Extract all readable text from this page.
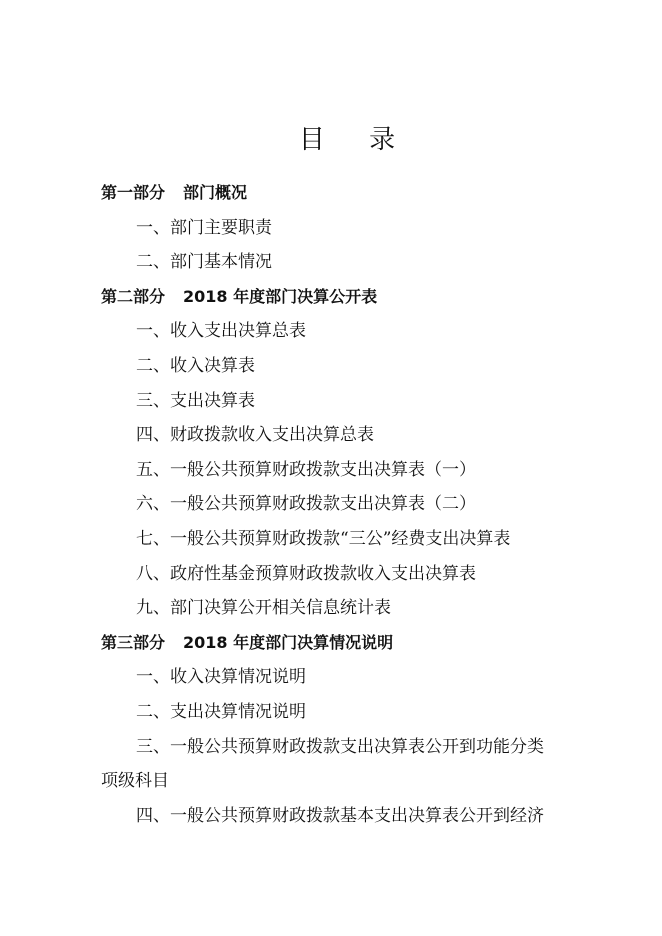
目 录
第一部分 部门概况
一、部门主要职责
二、部门基本情况
第二部分 2018 年度部门决算公开表
一、收入支出决算总表
二、收入决算表
三、支出决算表
四、财政拨款收入支出决算总表
五、一般公共预算财政拨款支出决算表（一）
六、一般公共预算财政拨款支出决算表（二）
七、一般公共预算财政拨款“三公”经费支出决算表
八、政府性基金预算财政拨款收入支出决算表
九、部门决算公开相关信息统计表
第三部分 2018 年度部门决算情况说明
一、收入决算情况说明
二、支出决算情况说明
三、一般公共预算财政拨款支出决算表公开到功能分类
项级科目
四、一般公共预算财政拨款基本支出决算表公开到经济
